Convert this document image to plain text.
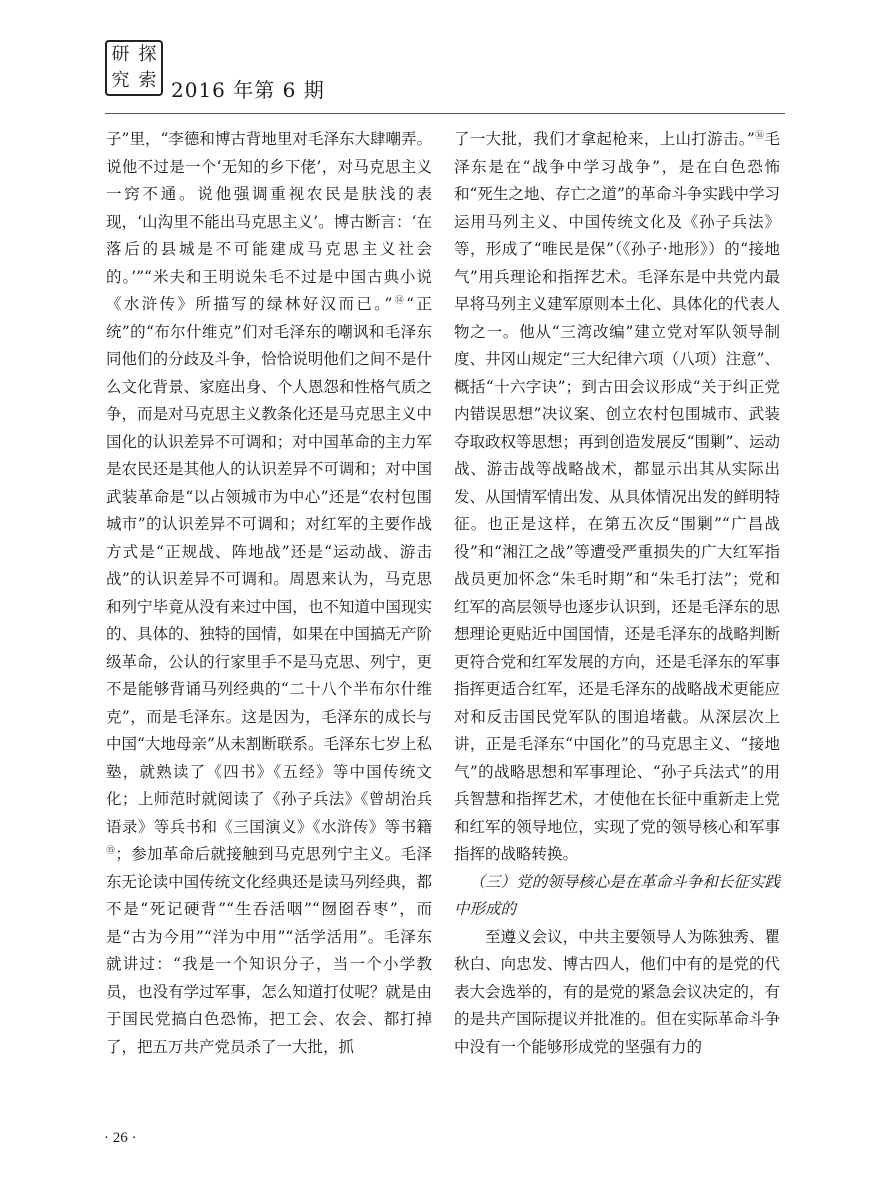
研 探
究 索 2016 年第 6 期

子”里，“李德和博古背地里对毛泽东大肆嘲弄。说他不过是一个‘无知的乡下佬’，对马克思主义一窍不通。说他强调重视农民是肤浅的表现，‘山沟里不能出马克思主义’。博古断言：‘在落后的县城是不可能建成马克思主义社会的。’”“米夫和王明说朱毛不过是中国古典小说《水浒传》所描写的绿林好汉而已。”⑭“正统”的“布尔什维克”们对毛泽东的嘲讽和毛泽东同他们的分歧及斗争，恰恰说明他们之间不是什么文化背景、家庭出身、个人恩怨和性格气质之争，而是对马克思主义教条化还是马克思主义中国化的认识差异不可调和；对中国革命的主力军是农民还是其他人的认识差异不可调和；对中国武装革命是“以占领城市为中心”还是“农村包围城市”的认识差异不可调和；对红军的主要作战方式是“正规战、阵地战”还是“运动战、游击战”的认识差异不可调和。周恩来认为，马克思和列宁毕竟从没有来过中国，也不知道中国现实的、具体的、独特的国情，如果在中国搞无产阶级革命，公认的行家里手不是马克思、列宁，更不是能够背诵马列经典的“二十八个半布尔什维克”，而是毛泽东。这是因为，毛泽东的成长与中国“大地母亲”从未割断联系。毛泽东七岁上私塾，就熟读了《四书》《五经》等中国传统文化；上师范时就阅读了《孙子兵法》《曾胡治兵语录》等兵书和《三国演义》《水浒传》等书籍⑮；参加革命后就接触到马克思列宁主义。毛泽东无论读中国传统文化经典还是读马列经典，都不是“死记硬背”“生吞活咽”“囫囵吞枣”，而是“古为今用”“洋为中用”“活学活用”。毛泽东就讲过：“我是一个知识分子，当一个小学教员，也没有学过军事，怎么知道打仗呢？就是由于国民党搞白色恐怖，把工会、农会、都打掉了，把五万共产党员杀了一大批，抓

了一大批，我们才拿起枪来，上山打游击。”⑯毛泽东是在“战争中学习战争”，是在白色恐怖和“死生之地、存亡之道”的革命斗争实践中学习运用马列主义、中国传统文化及《孙子兵法》等，形成了“唯民是保”（《孙子·地形》）的“接地气”用兵理论和指挥艺术。毛泽东是中共党内最早将马列主义建军原则本土化、具体化的代表人物之一。他从“三湾改编”建立党对军队领导制度、井冈山规定“三大纪律六项（八项）注意”、概括“十六字诀”；到古田会议形成“关于纠正党内错误思想”决议案、创立农村包围城市、武装夺取政权等思想；再到创造发展反“围剿”、运动战、游击战等战略战术，都显示出其从实际出发、从国情军情出发、从具体情况出发的鲜明特征。也正是这样，在第五次反“围剿”“广昌战役”和“湘江之战”等遭受严重损失的广大红军指战员更加怀念“朱毛时期”和“朱毛打法”；党和红军的高层领导也逐步认识到，还是毛泽东的思想理论更贴近中国国情，还是毛泽东的战略判断更符合党和红军发展的方向，还是毛泽东的军事指挥更适合红军，还是毛泽东的战略战术更能应对和反击国民党军队的围追堵截。从深层次上讲，正是毛泽东“中国化”的马克思主义、“接地气”的战略思想和军事理论、“孙子兵法式”的用兵智慧和指挥艺术，才使他在长征中重新走上党和红军的领导地位，实现了党的领导核心和军事指挥的战略转换。

（三）党的领导核心是在革命斗争和长征实践中形成的

至遵义会议，中共主要领导人为陈独秀、瞿秋白、向忠发、博古四人，他们中有的是党的代表大会选举的，有的是党的紧急会议决定的，有的是共产国际提议并批准的。但在实际革命斗争中没有一个能够形成党的坚强有力的

· 26 ·
